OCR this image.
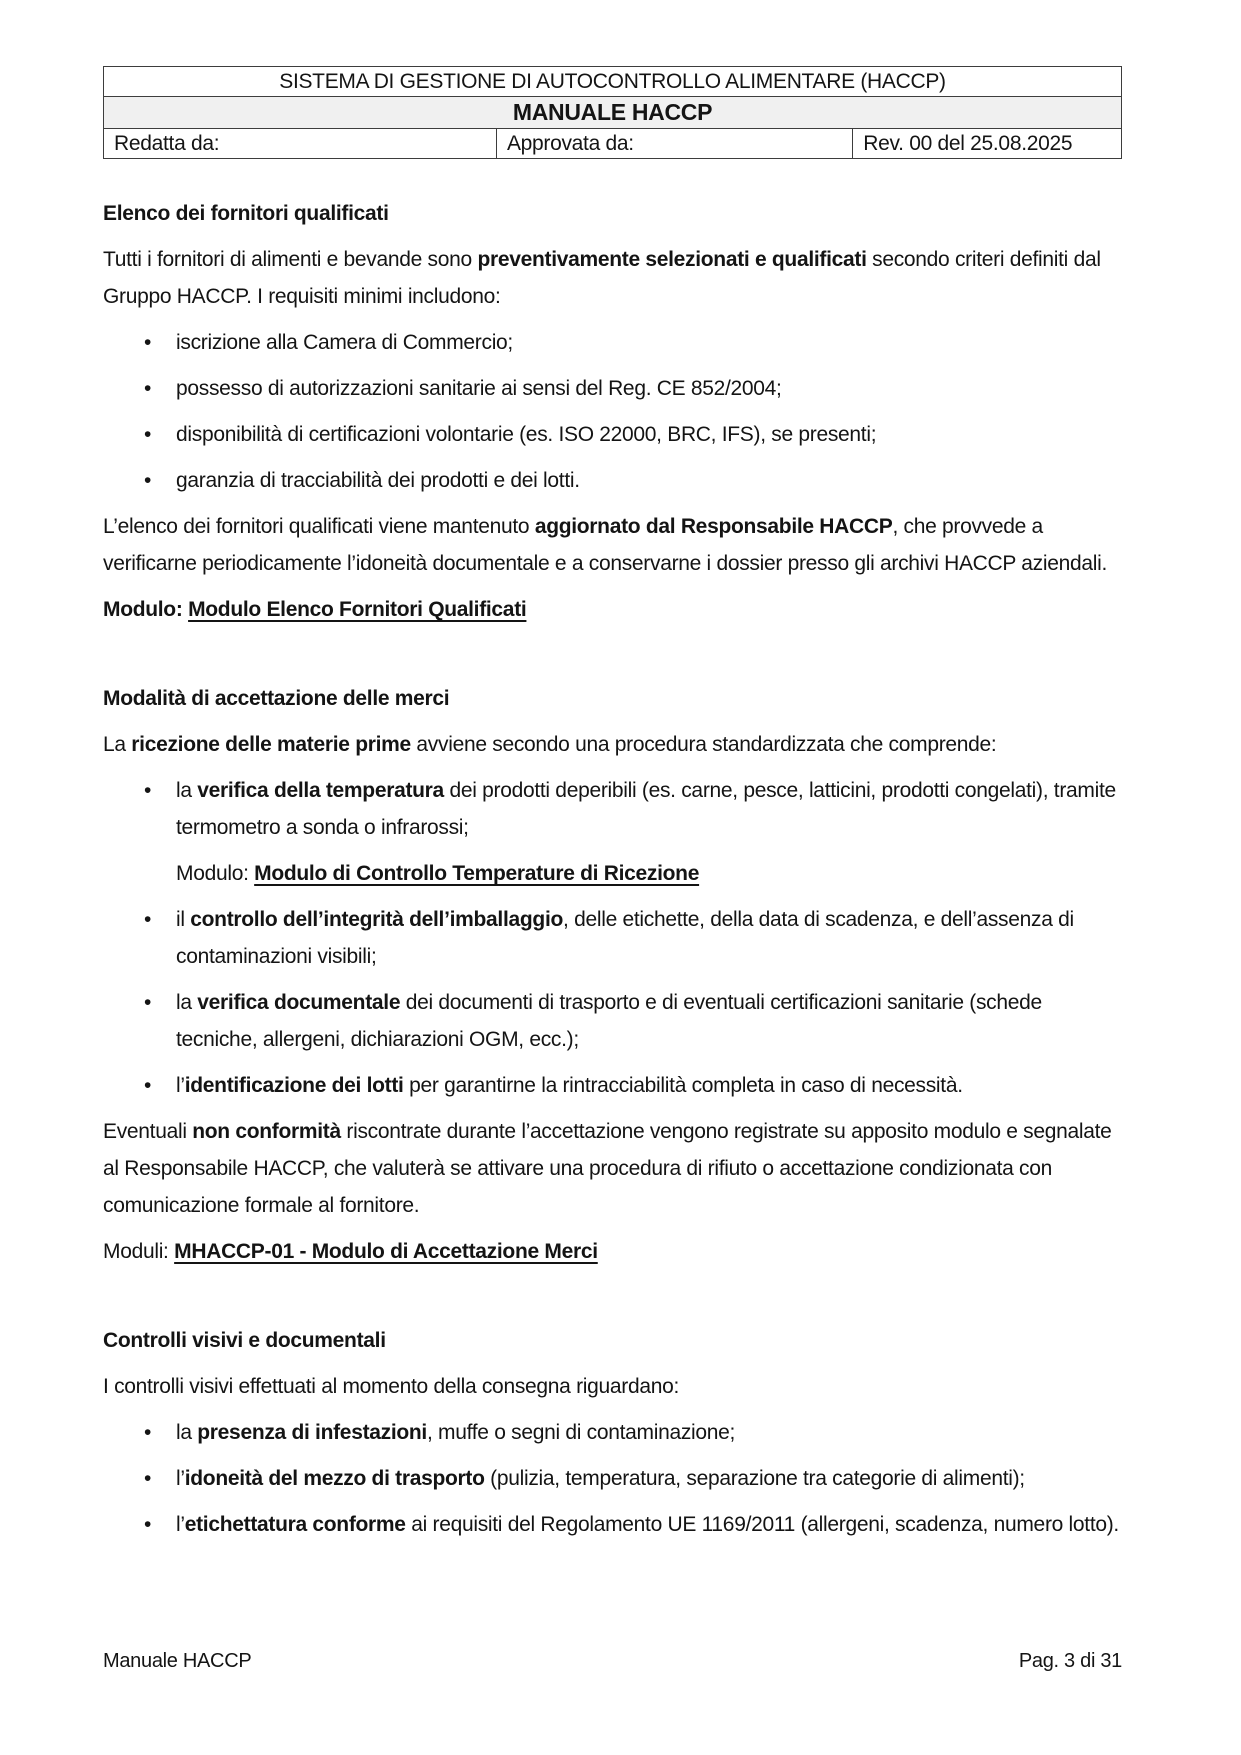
SISTEMA DI GESTIONE DI AUTOCONTROLLO ALIMENTARE (HACCP)
MANUALE HACCP
Redatta da:	Approvata da:	Rev. 00 del 25.08.2025
Elenco dei fornitori qualificati

Tutti i fornitori di alimenti e bevande sono preventivamente selezionati e qualificati secondo criteri definiti dal Gruppo HACCP. I requisiti minimi includono:

• iscrizione alla Camera di Commercio;
• possesso di autorizzazioni sanitarie ai sensi del Reg. CE 852/2004;
• disponibilità di certificazioni volontarie (es. ISO 22000, BRC, IFS), se presenti;
• garanzia di tracciabilità dei prodotti e dei lotti.

L’elenco dei fornitori qualificati viene mantenuto aggiornato dal Responsabile HACCP, che provvede a verificarne periodicamente l’idoneità documentale e a conservarne i dossier presso gli archivi HACCP aziendali.

Modulo: Modulo Elenco Fornitori Qualificati

Modalità di accettazione delle merci

La ricezione delle materie prime avviene secondo una procedura standardizzata che comprende:

• la verifica della temperatura dei prodotti deperibili (es. carne, pesce, latticini, prodotti congelati), tramite termometro a sonda o infrarossi;

Modulo: Modulo di Controllo Temperature di Ricezione

• il controllo dell’integrità dell’imballaggio, delle etichette, della data di scadenza, e dell’assenza di contaminazioni visibili;
• la verifica documentale dei documenti di trasporto e di eventuali certificazioni sanitarie (schede tecniche, allergeni, dichiarazioni OGM, ecc.);
• l’identificazione dei lotti per garantirne la rintracciabilità completa in caso di necessità.

Eventuali non conformità riscontrate durante l’accettazione vengono registrate su apposito modulo e segnalate al Responsabile HACCP, che valuterà se attivare una procedura di rifiuto o accettazione condizionata con comunicazione formale al fornitore.

Moduli: MHACCP-01 - Modulo di Accettazione Merci

Controlli visivi e documentali

I controlli visivi effettuati al momento della consegna riguardano:

• la presenza di infestazioni, muffe o segni di contaminazione;
• l’idoneità del mezzo di trasporto (pulizia, temperatura, separazione tra categorie di alimenti);
• l’etichettatura conforme ai requisiti del Regolamento UE 1169/2011 (allergeni, scadenza, numero lotto).
Manuale HACCP	Pag. 3 di 31
